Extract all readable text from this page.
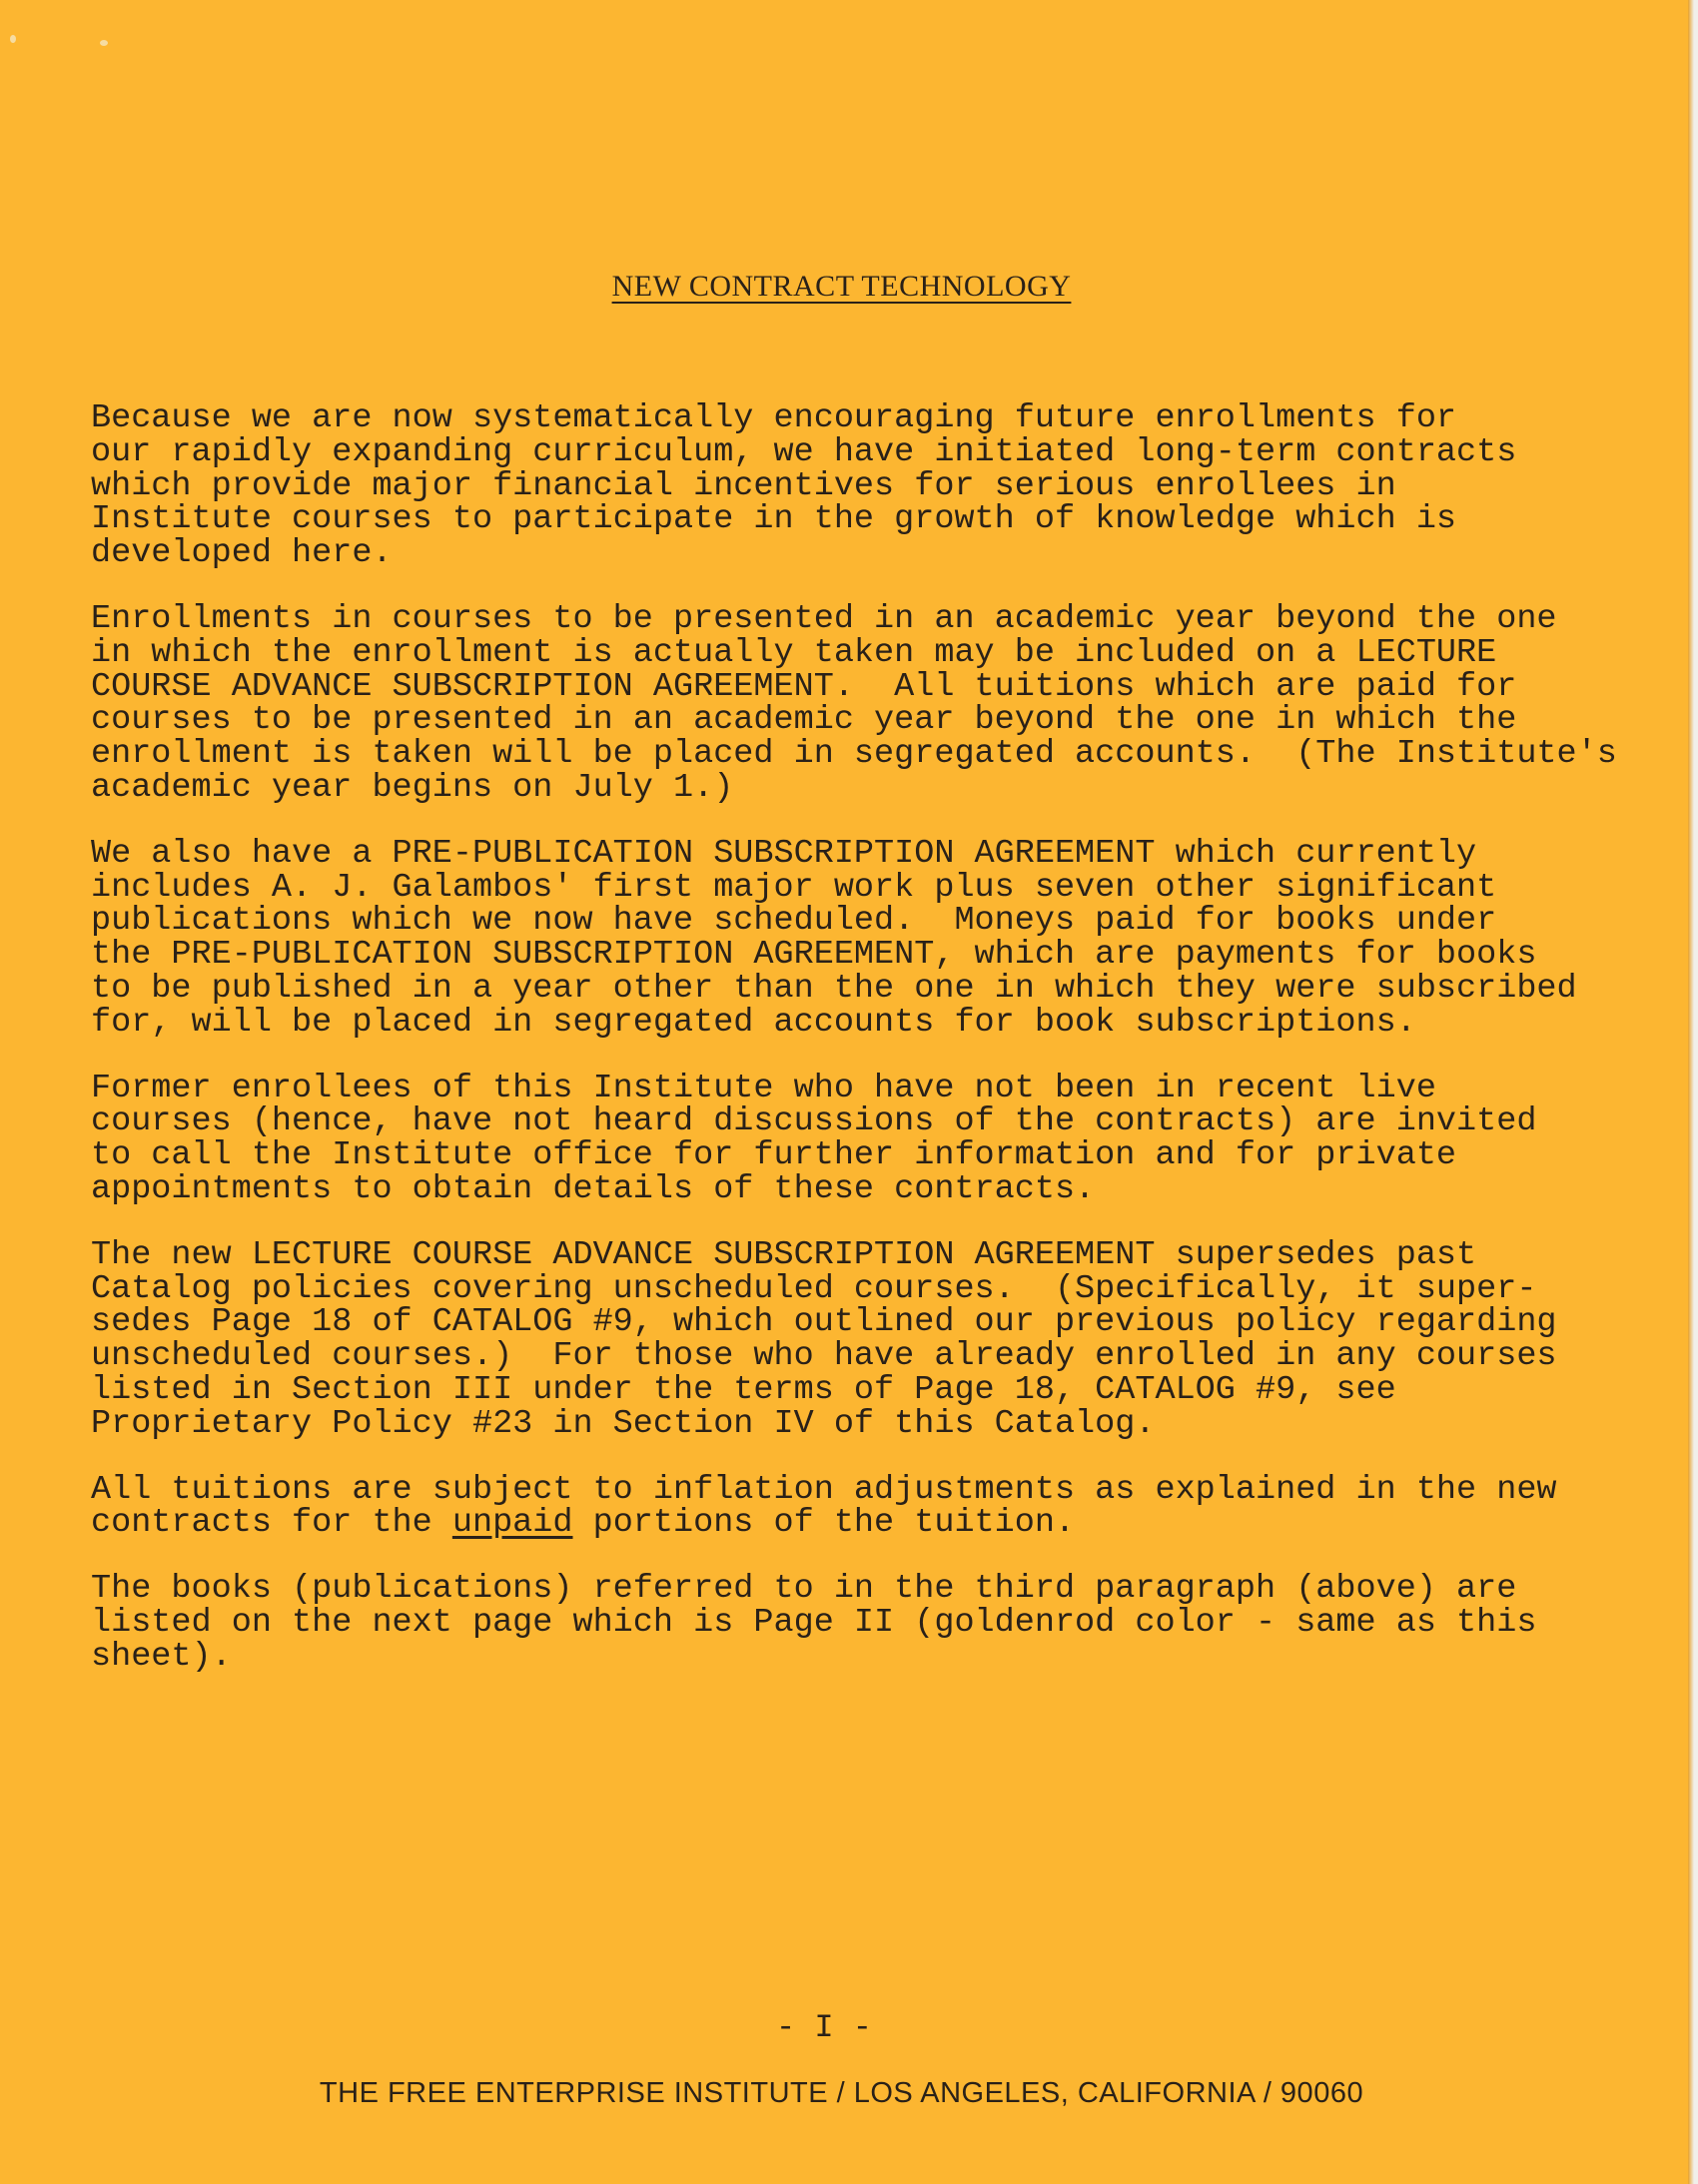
NEW CONTRACT TECHNOLOGY
Because we are now systematically encouraging future enrollments for
our rapidly expanding curriculum, we have initiated long-term contracts
which provide major financial incentives for serious enrollees in
Institute courses to participate in the growth of knowledge which is
developed here.
Enrollments in courses to be presented in an academic year beyond the one
in which the enrollment is actually taken may be included on a LECTURE
COURSE ADVANCE SUBSCRIPTION AGREEMENT.  All tuitions which are paid for
courses to be presented in an academic year beyond the one in which the
enrollment is taken will be placed in segregated accounts.  (The Institute's
academic year begins on July 1.)
We also have a PRE-PUBLICATION SUBSCRIPTION AGREEMENT which currently
includes A. J. Galambos' first major work plus seven other significant
publications which we now have scheduled.  Moneys paid for books under
the PRE-PUBLICATION SUBSCRIPTION AGREEMENT, which are payments for books
to be published in a year other than the one in which they were subscribed
for, will be placed in segregated accounts for book subscriptions.
Former enrollees of this Institute who have not been in recent live
courses (hence, have not heard discussions of the contracts) are invited
to call the Institute office for further information and for private
appointments to obtain details of these contracts.
The new LECTURE COURSE ADVANCE SUBSCRIPTION AGREEMENT supersedes past
Catalog policies covering unscheduled courses.  (Specifically, it super-
sedes Page 18 of CATALOG #9, which outlined our previous policy regarding
unscheduled courses.)  For those who have already enrolled in any courses
listed in Section III under the terms of Page 18, CATALOG #9, see
Proprietary Policy #23 in Section IV of this Catalog.
All tuitions are subject to inflation adjustments as explained in the new
contracts for the unpaid portions of the tuition.
The books (publications) referred to in the third paragraph (above) are
listed on the next page which is Page II (goldenrod color - same as this
sheet).

- I -

THE FREE ENTERPRISE INSTITUTE / LOS ANGELES, CALIFORNIA / 90060
